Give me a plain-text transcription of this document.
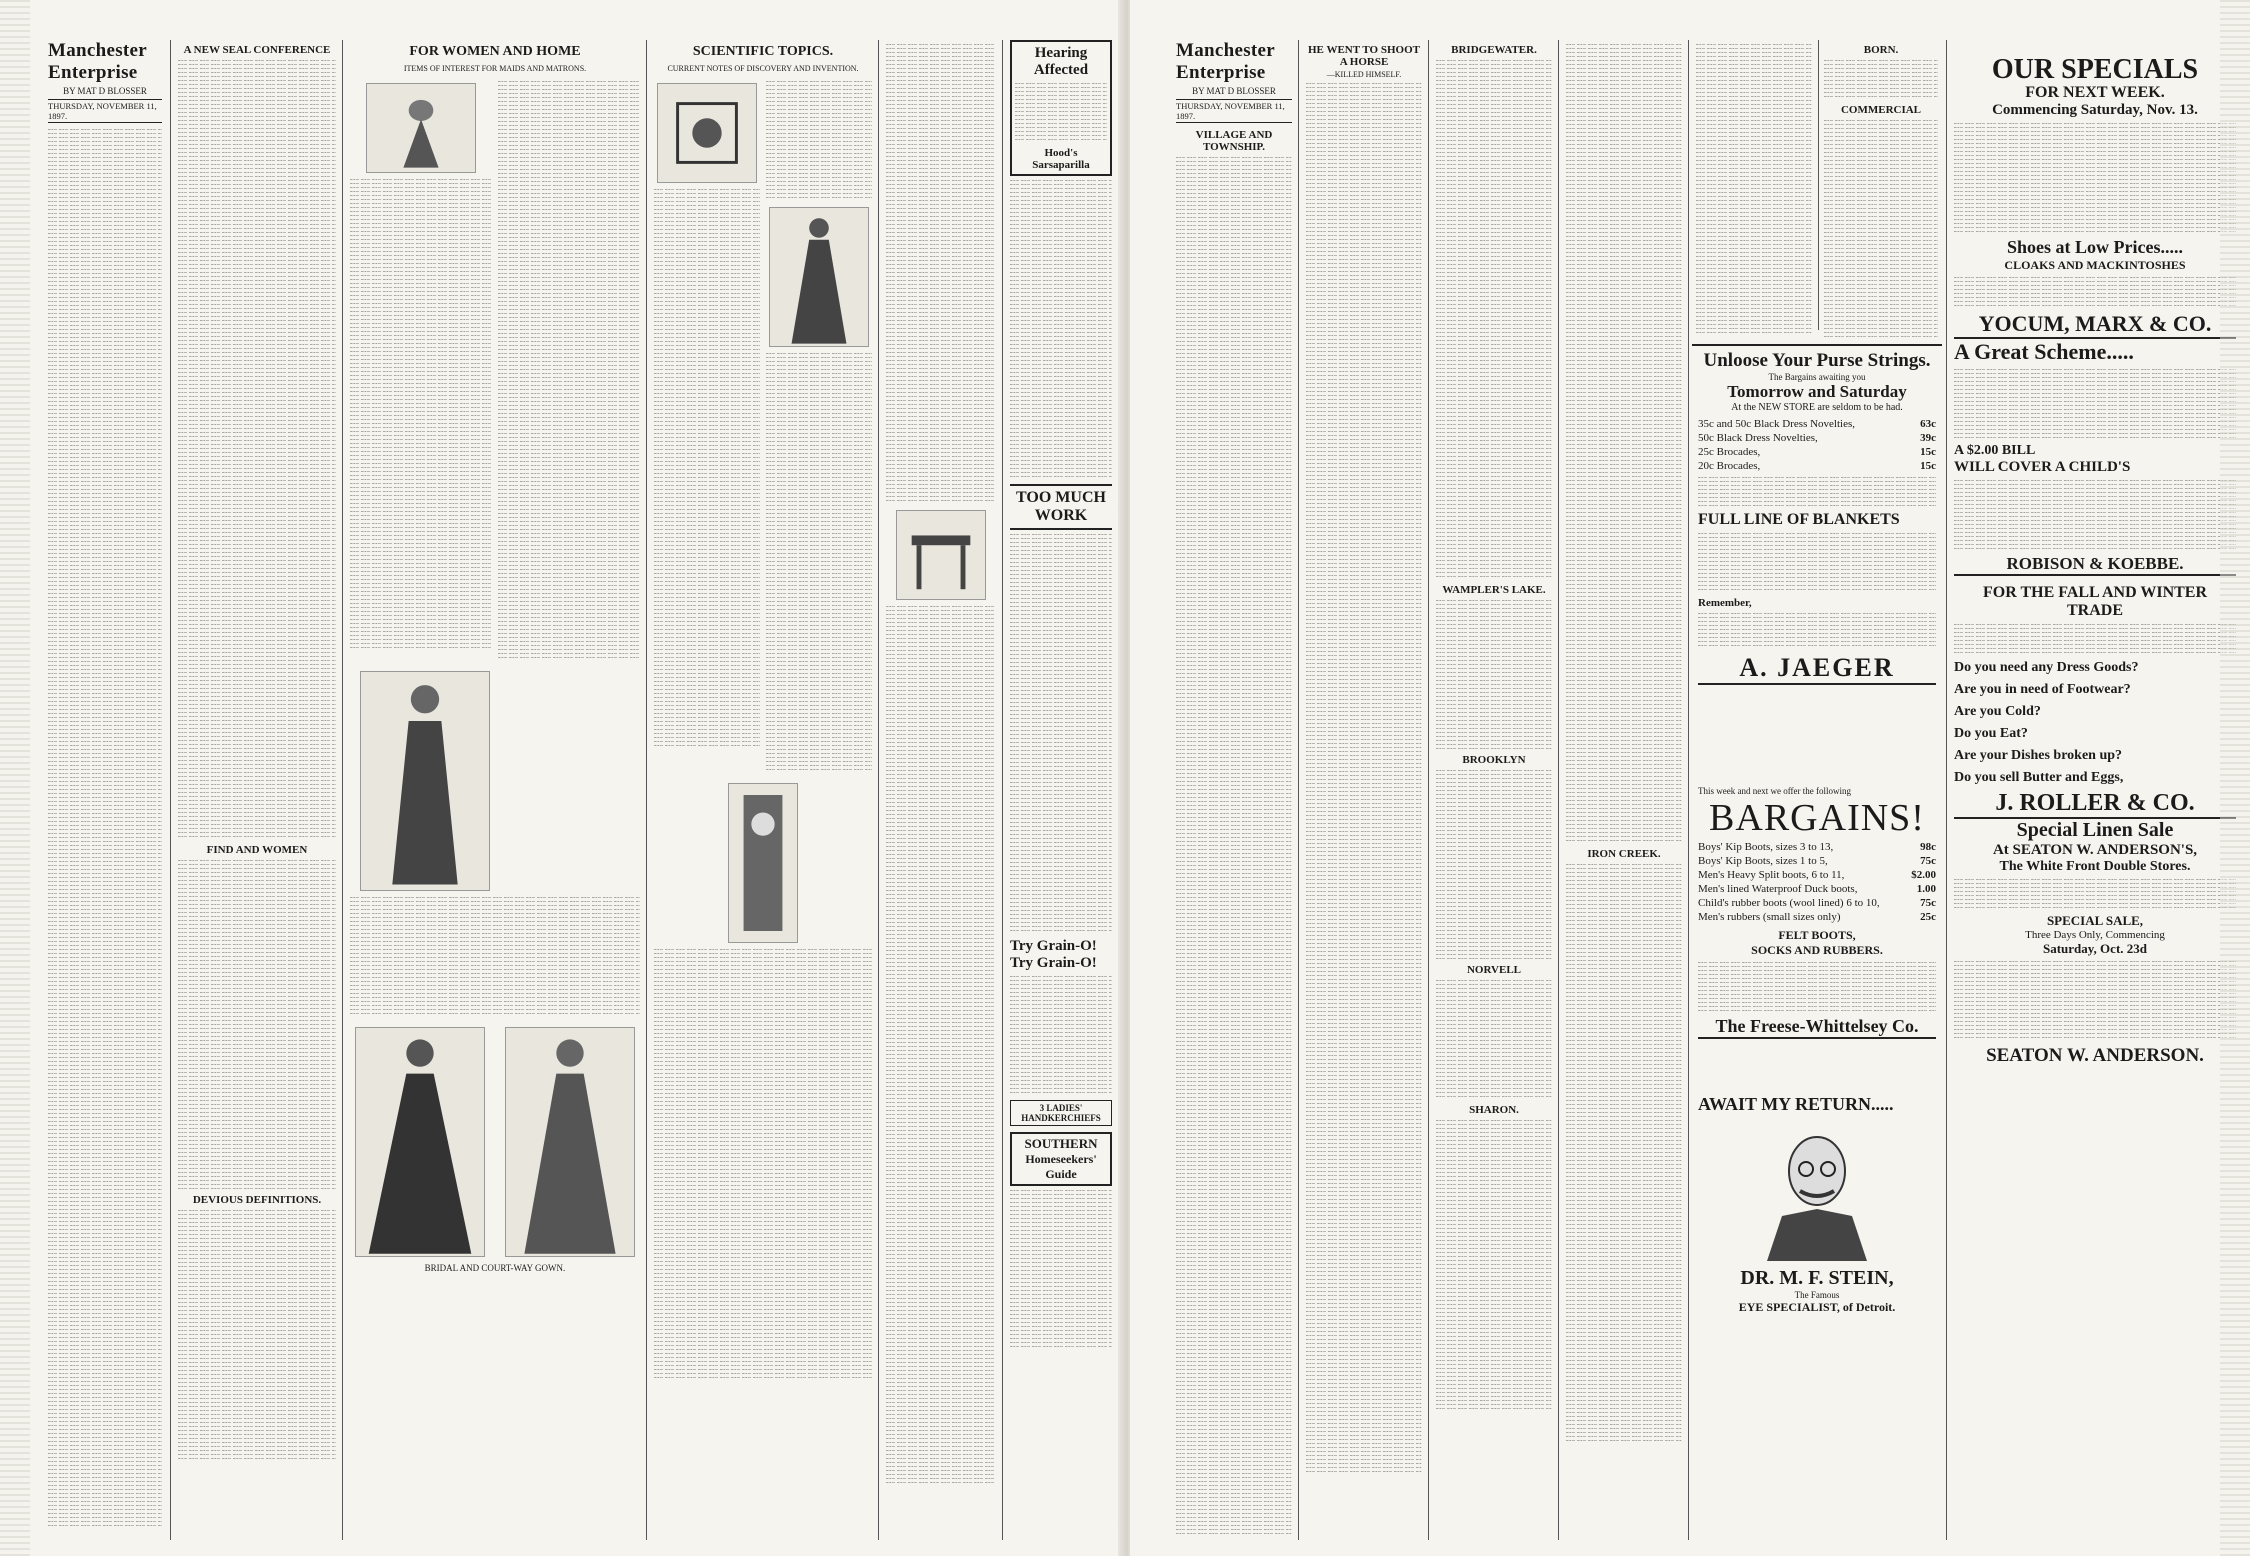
Manchester Enterprise
BY MAT D BLOSSER
THURSDAY, NOVEMBER 11, 1897.
A NEW SEAL CONFERENCE
FIND AND WOMEN
DEVIOUS DEFINITIONS.
FOR WOMEN AND HOME
ITEMS OF INTEREST FOR MAIDS AND MATRONS.
BRIDAL AND COURT-WAY GOWN.
SCIENTIFIC TOPICS.
CURRENT NOTES OF DISCOVERY AND INVENTION.
Hearing Affected
Hood's Sarsaparilla
TOO MUCH WORK
Try Grain-O!
Try Grain-O!
3 LADIES' HANDKERCHIEFS
SOUTHERN
Homeseekers' Guide
Manchester Enterprise
BY MAT D BLOSSER
THURSDAY, NOVEMBER 11, 1897.
VILLAGE AND TOWNSHIP.
HE WENT TO SHOOT A HORSE
—KILLED HIMSELF.
BRIDGEWATER.
WAMPLER'S LAKE.
BROOKLYN
NORVELL
SHARON.
IRON CREEK.
BORN.
COMMERCIAL
Unloose Your Purse Strings.
The Bargains awaiting you
Tomorrow and Saturday
At the NEW STORE are seldom to be had.
35c and 50c Black Dress Novelties,	63c
50c Black Dress Novelties,	39c
25c Brocades,	15c
20c Brocades,	15c
FULL LINE OF BLANKETS
Remember,
A. JAEGER
This week and next we offer the following
BARGAINS!
Boys' Kip Boots, sizes 3 to 13,	98c
Boys' Kip Boots, sizes 1 to 5,	75c
Men's Heavy Split boots, 6 to 11,	$2.00
Men's lined Waterproof Duck boots,	1.00
Child's rubber boots (wool lined) 6 to 10,	75c
Men's rubbers (small sizes only)	25c
FELT BOOTS,
SOCKS AND RUBBERS.
The Freese-Whittelsey Co.
AWAIT MY RETURN.....
DR. M. F. STEIN,
The Famous
EYE SPECIALIST, of Detroit.
OUR SPECIALS
FOR NEXT WEEK.
Commencing Saturday, Nov. 13.
Shoes at Low Prices.....
CLOAKS AND MACKINTOSHES
YOCUM, MARX & CO.
A Great Scheme.....
A $2.00 BILL
WILL COVER A CHILD'S
ROBISON & KOEBBE.
FOR THE FALL AND WINTER TRADE
Do you need any Dress Goods?
Are you in need of Footwear?
Are you Cold?
Do you Eat?
Are your Dishes broken up?
Do you sell Butter and Eggs,
J. ROLLER & CO.
Special Linen Sale
At SEATON W. ANDERSON'S,
The White Front Double Stores.
SPECIAL SALE,
Three Days Only, Commencing
Saturday, Oct. 23d
SEATON W. ANDERSON.
